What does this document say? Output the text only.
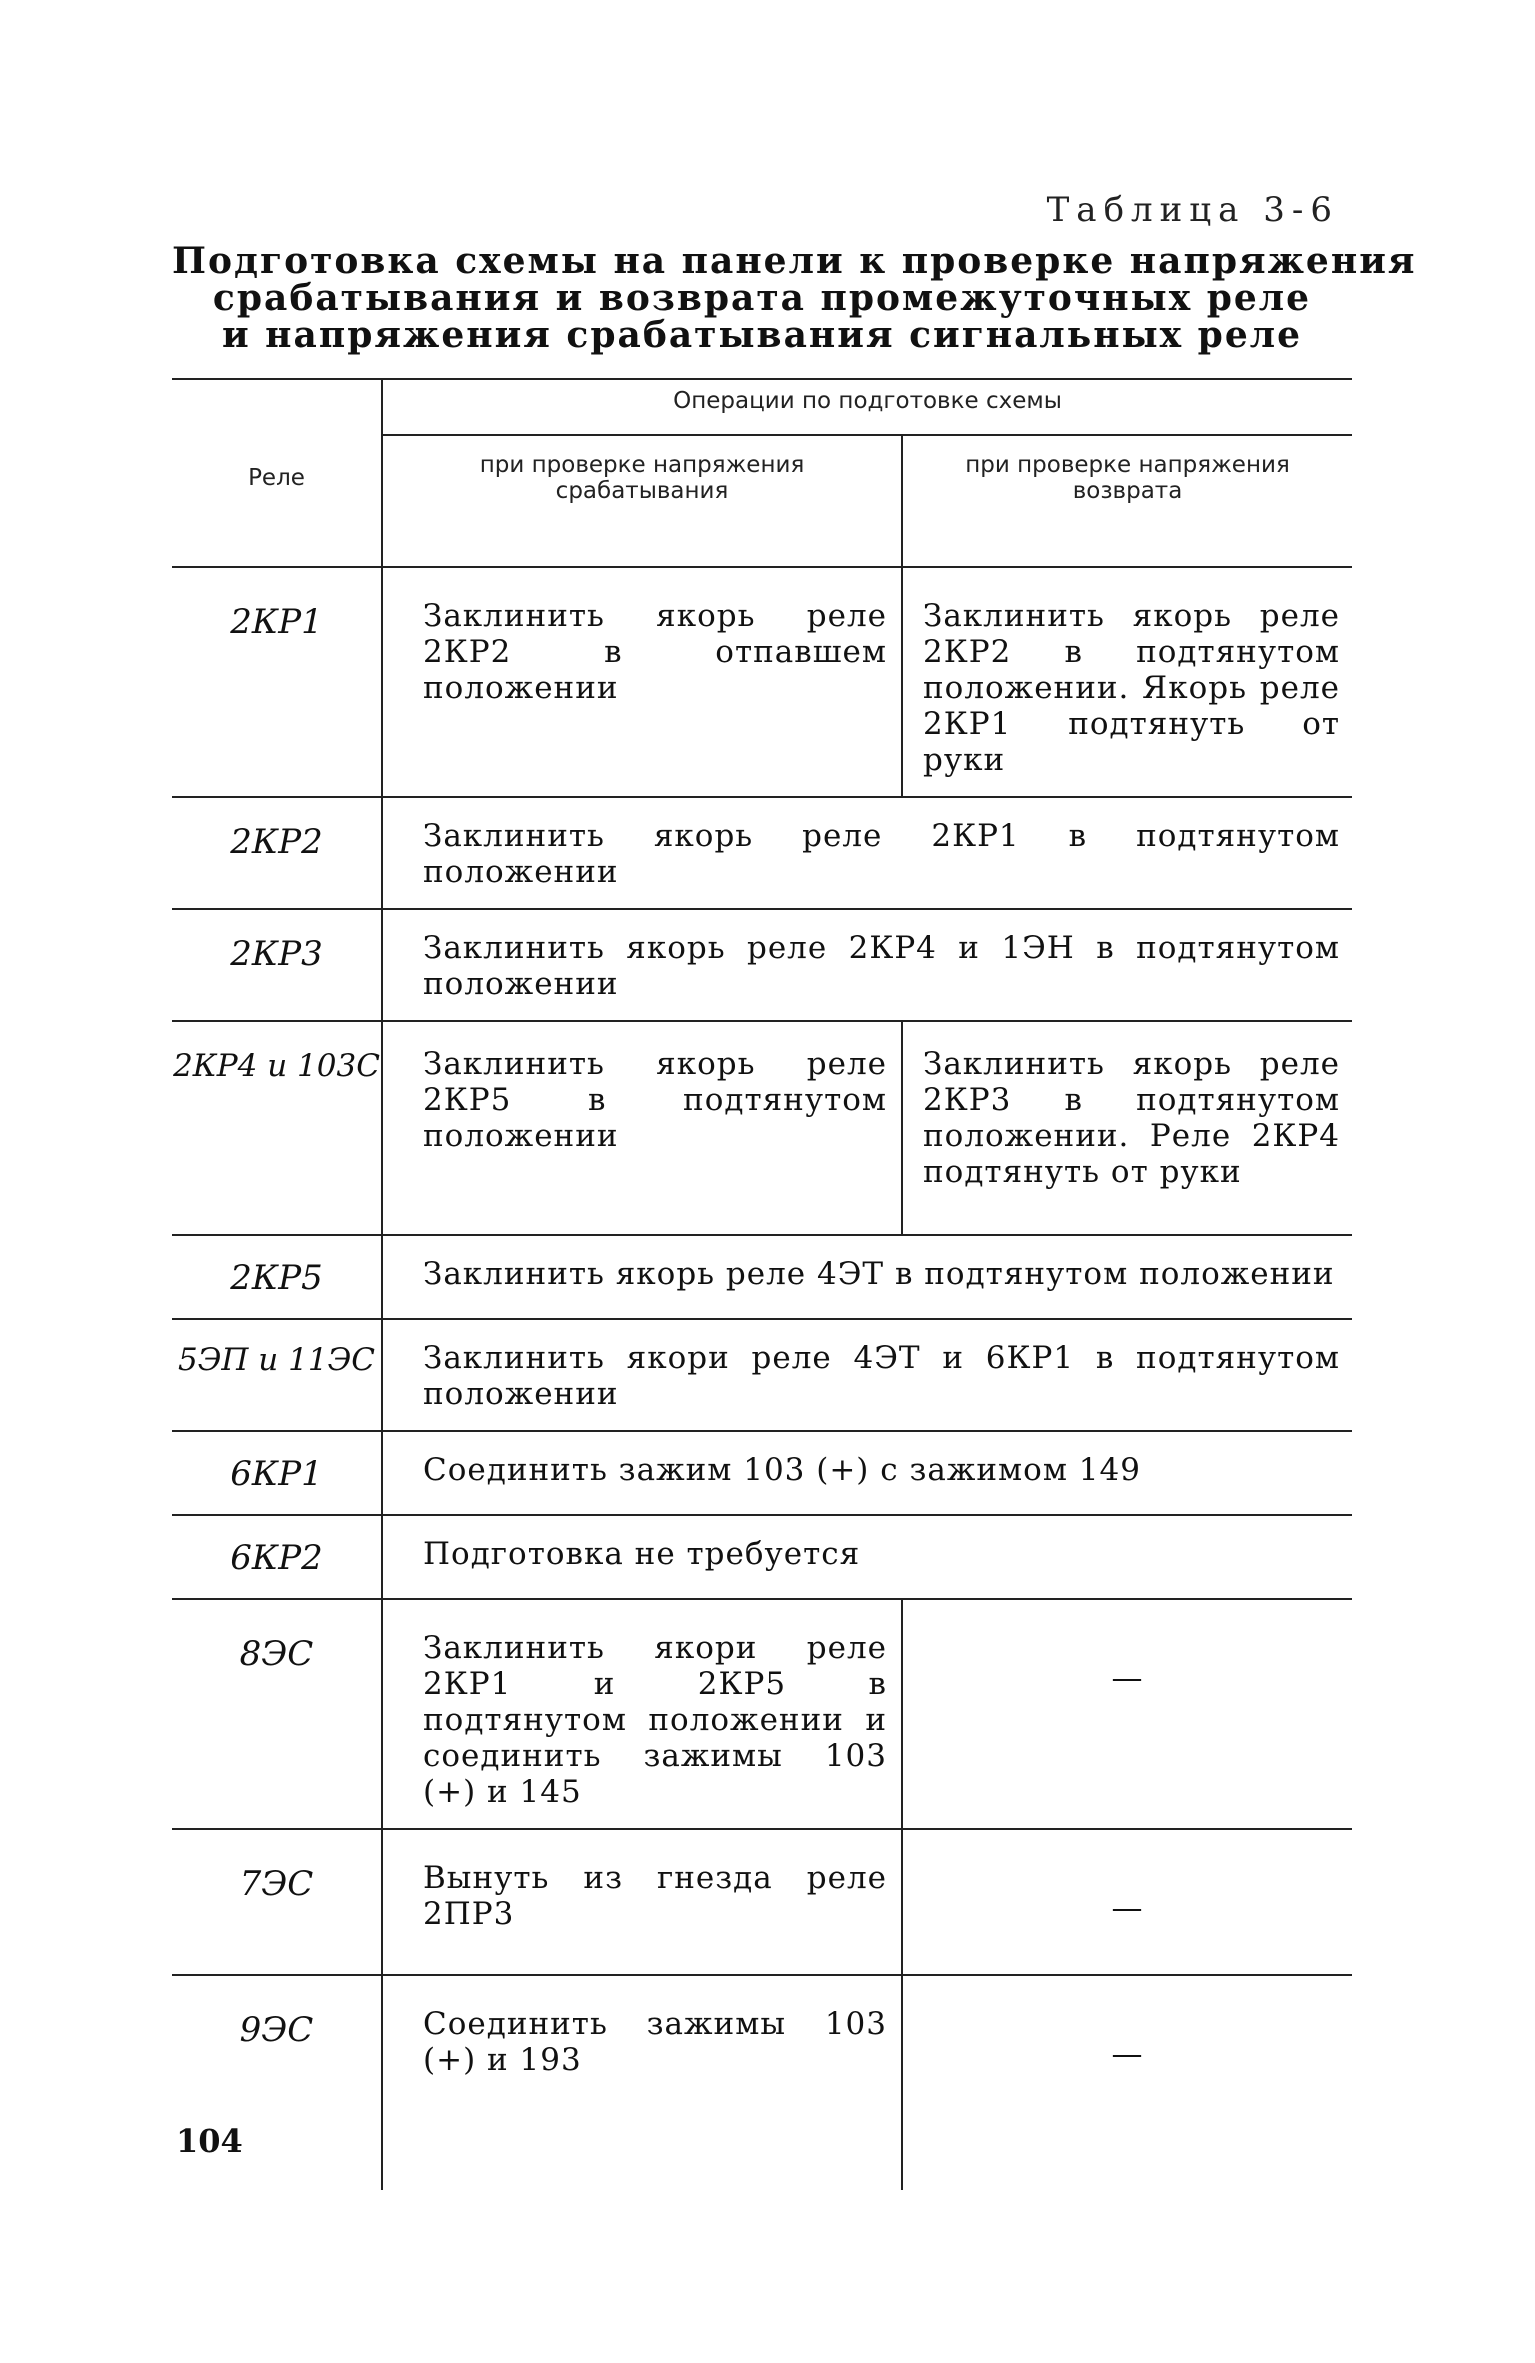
Таблица 3-6
Подготовка схемы на панели к проверке напряжения
срабатывания и возврата промежуточных реле
и напряжения срабатывания сигнальных реле
Реле	Операции по подготовке схемы	
	при проверке напряжения срабатывания	при проверке напряжения возврата
2КР1	Заклинить якорь реле 2КР2 в отпавшем положении	Заклинить якорь реле 2КР2 в подтянутом положении. Якорь реле 2КР1 подтянуть от руки
2КР2	Заклинить якорь реле 2КР1 в подтянутом положении	
2КР3	Заклинить якорь реле 2КР4 и 1ЭН в подтянутом положении	
2КР4 и 103С	Заклинить якорь реле 2КР5 в подтянутом положении	Заклинить якорь реле 2КР3 в подтянутом положении. Реле 2КР4 подтянуть от руки
2КР5	Заклинить якорь реле 4ЭТ в подтянутом положении	
5ЭП и 11ЭС	Заклинить якори реле 4ЭТ и 6КР1 в подтянутом положении	
6КР1	Соединить зажим 103 (+) с зажимом 149	
6КР2	Подготовка не требуется	
8ЭС	Заклинить якори реле 2КР1 и 2КР5 в подтянутом положении и соединить зажимы 103 (+) и 145	—
7ЭС	Вынуть из гнезда реле 2ПР3	—
9ЭС	Соединить зажимы 103 (+) и 193	—
104
